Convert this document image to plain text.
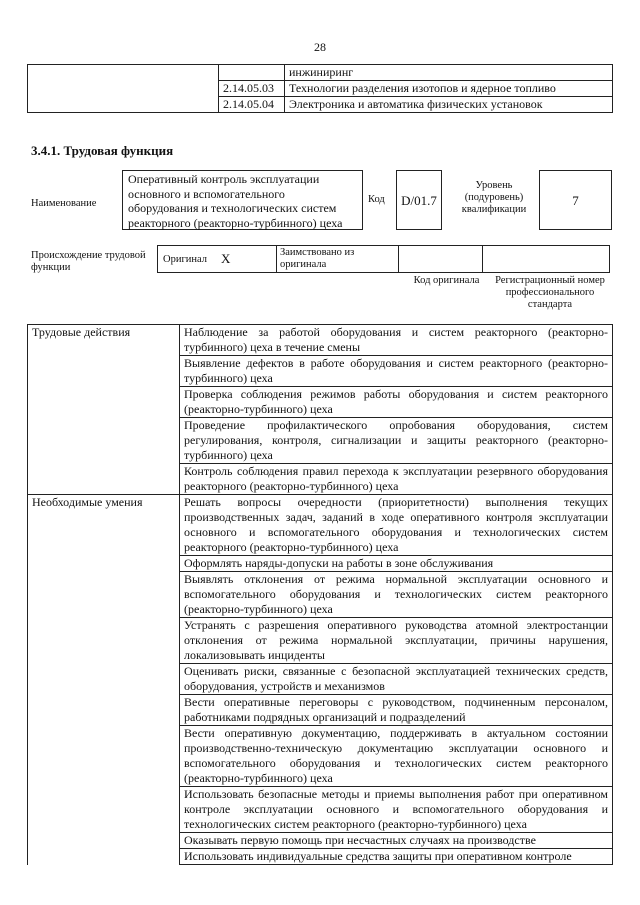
28
		инжиниринг
	2.14.05.03	Технологии разделения изотопов и ядерное топливо
	2.14.05.04	Электроника и автоматика физических установок
3.4.1. Трудовая функция
Наименование
Оперативный контроль эксплуатации основного и вспомогательного оборудования и технологических систем реакторного (реакторно-турбинного) цеха
Код	D/01.7
Уровень (подуровень) квалификации
7
Происхождение трудовой функции
Оригинал X	Заимствовано из оригинала
Код оригинала	Регистрационный номер профессионального стандарта
Трудовые действия	Наблюдение за работой оборудования и систем реакторного (реакторно-турбинного) цеха в течение смены
	Выявление дефектов в работе оборудования и систем реакторного (реакторно-турбинного) цеха
	Проверка соблюдения режимов работы оборудования и систем реакторного (реакторно-турбинного) цеха
	Проведение профилактического опробования оборудования, систем регулирования, контроля, сигнализации и защиты реакторного (реакторно-турбинного) цеха
	Контроль соблюдения правил перехода к эксплуатации резервного оборудования реакторного (реакторно-турбинного) цеха
Необходимые умения	Решать вопросы очередности (приоритетности) выполнения текущих производственных задач, заданий в ходе оперативного контроля эксплуатации основного и вспомогательного оборудования и технологических систем реакторного (реакторно-турбинного) цеха
	Оформлять наряды-допуски на работы в зоне обслуживания
	Выявлять отклонения от режима нормальной эксплуатации основного и вспомогательного оборудования и технологических систем реакторного (реакторно-турбинного) цеха
	Устранять с разрешения оперативного руководства атомной электростанции отклонения от режима нормальной эксплуатации, причины нарушения, локализовывать инциденты
	Оценивать риски, связанные с безопасной эксплуатацией технических средств, оборудования, устройств и механизмов
	Вести оперативные переговоры с руководством, подчиненным персоналом, работниками подрядных организаций и подразделений
	Вести оперативную документацию, поддерживать в актуальном состоянии производственно-техническую документацию эксплуатации основного и вспомогательного оборудования и технологических систем реакторного (реакторно-турбинного) цеха
	Использовать безопасные методы и приемы выполнения работ при оперативном контроле эксплуатации основного и вспомогательного оборудования и технологических систем реакторного (реакторно-турбинного) цеха
	Оказывать первую помощь при несчастных случаях на производстве
	Использовать индивидуальные средства защиты при оперативном контроле
